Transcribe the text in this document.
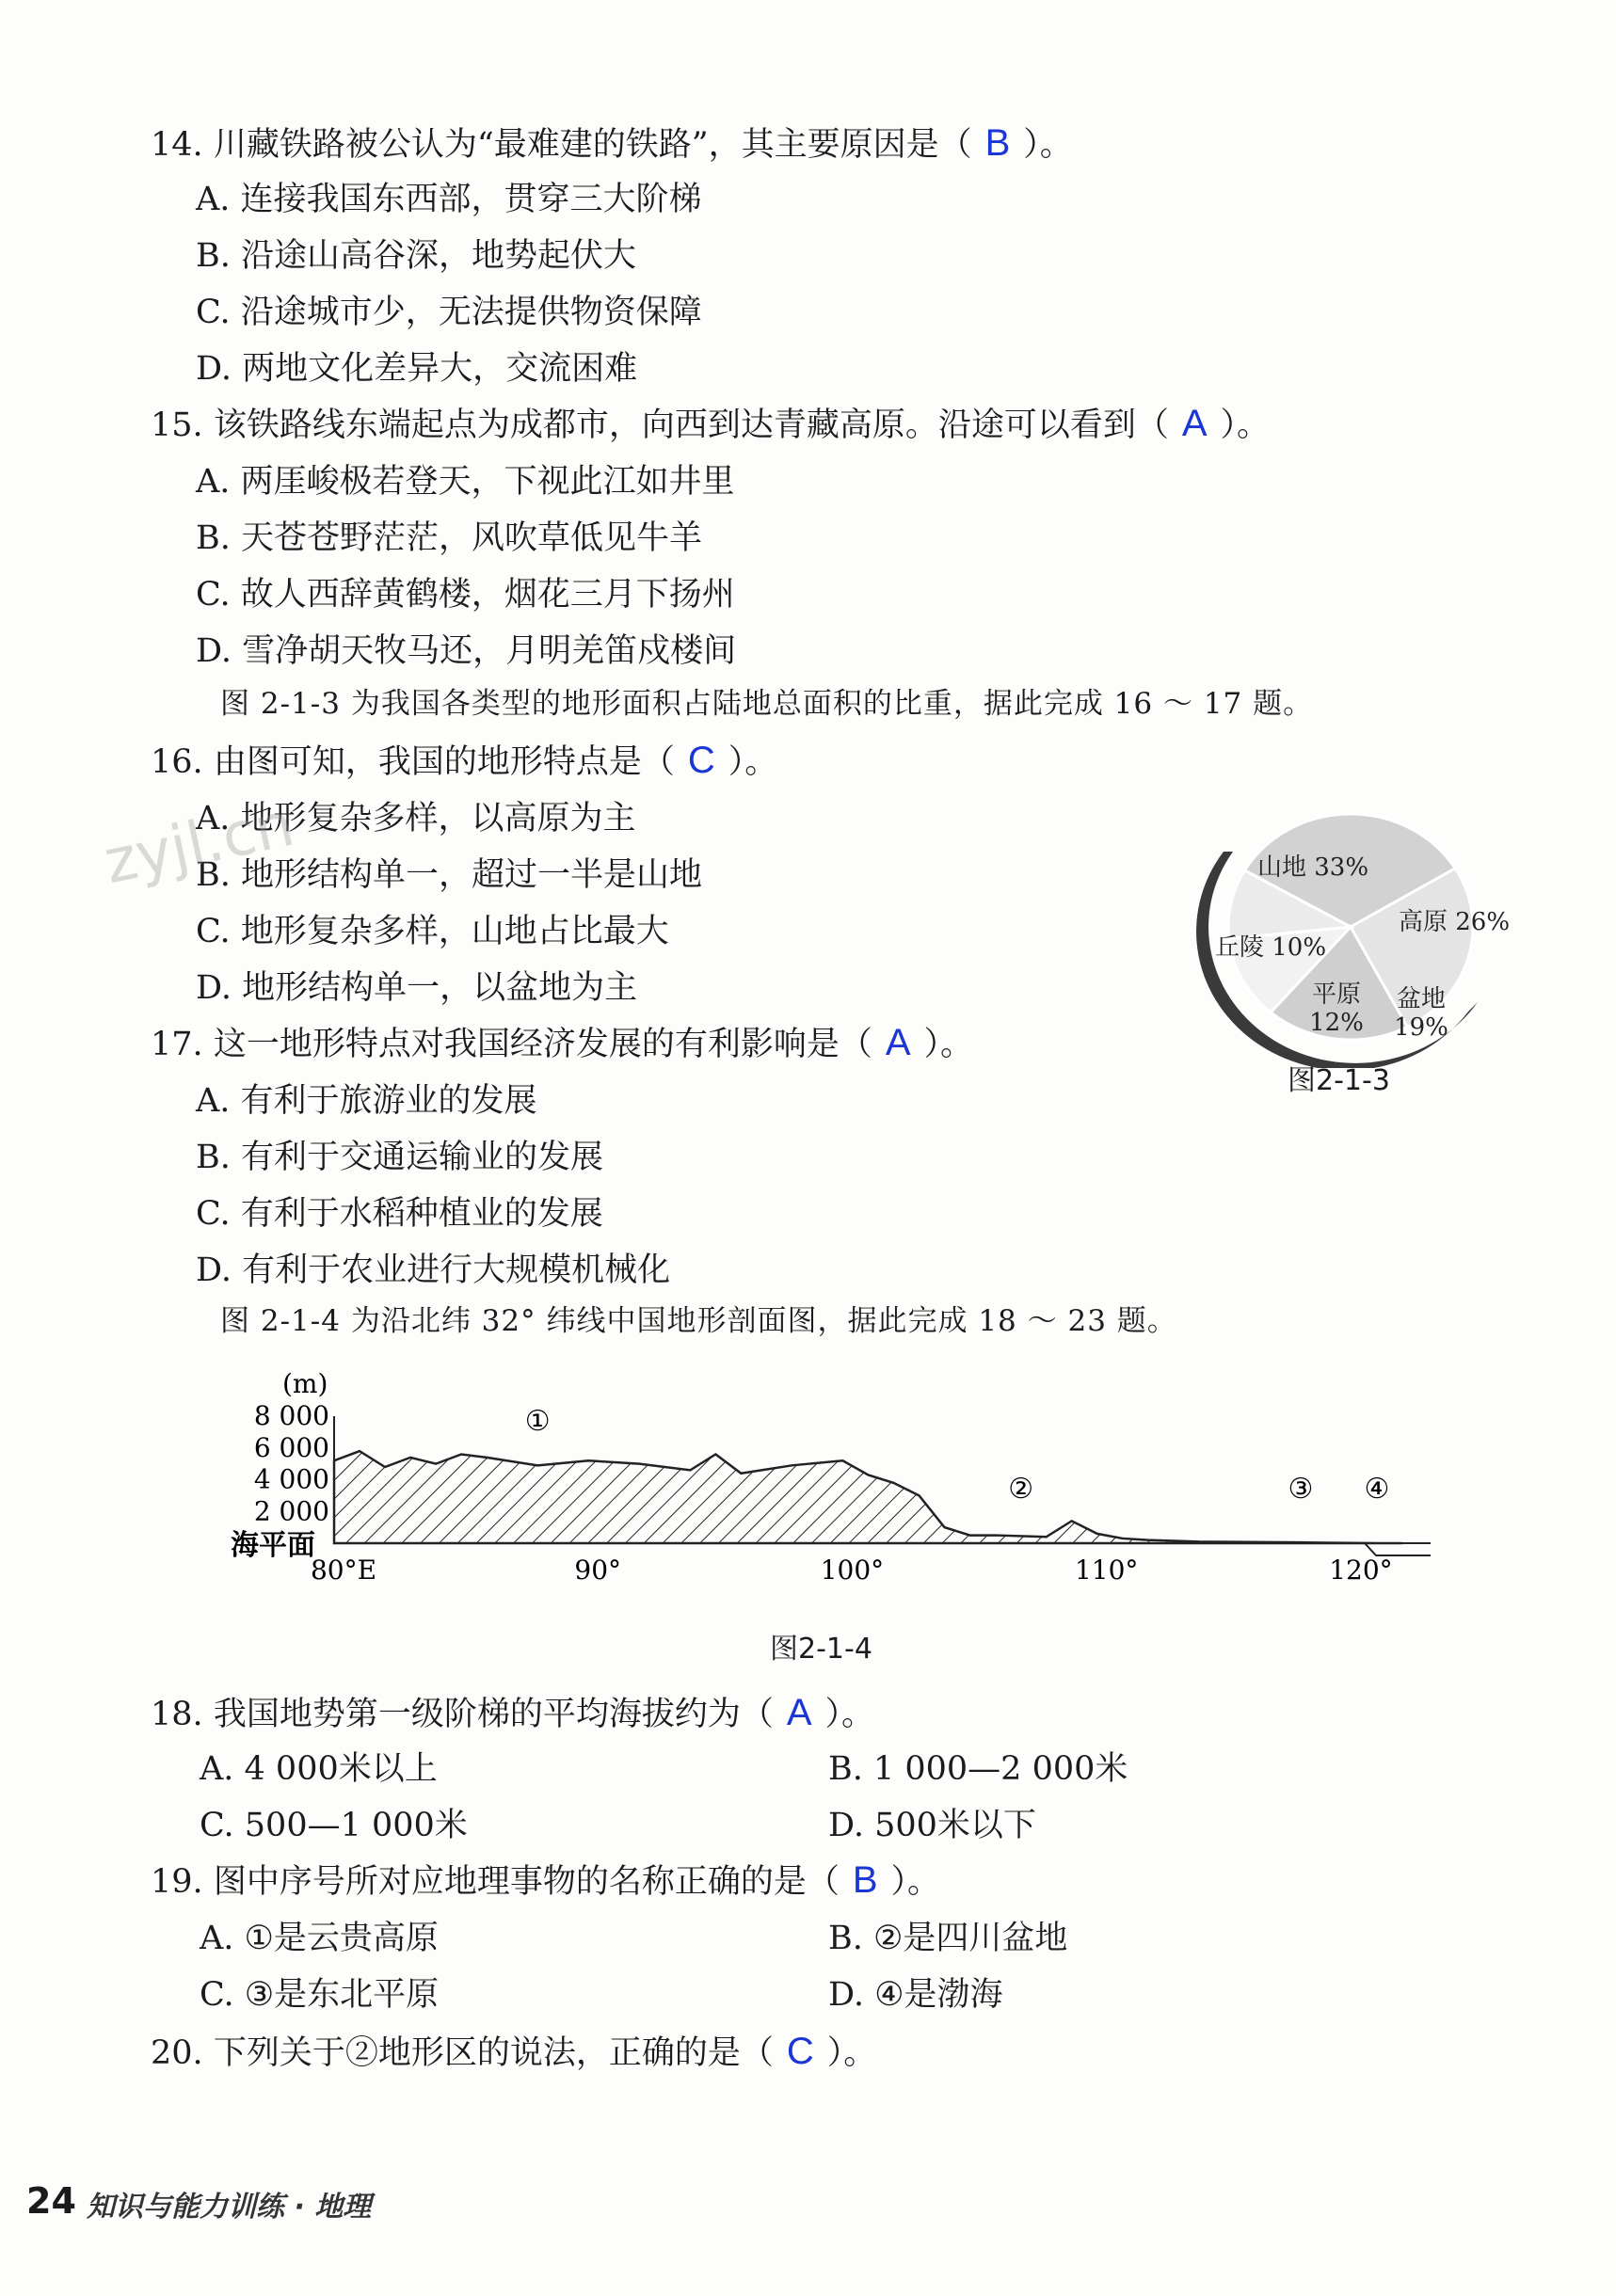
14. 川藏铁路被公认为“最难建的铁路”，其主要原因是（ B ）。
A. 连接我国东西部，贯穿三大阶梯
B. 沿途山高谷深，地势起伏大
C. 沿途城市少，无法提供物资保障
D. 两地文化差异大，交流困难
15. 该铁路线东端起点为成都市，向西到达青藏高原。沿途可以看到（ A ）。
A. 两厓峻极若登天，下视此江如井里
B. 天苍苍野茫茫，风吹草低见牛羊
C. 故人西辞黄鹤楼，烟花三月下扬州
D. 雪净胡天牧马还，月明羌笛戍楼间
图 2-1-3 为我国各类型的地形面积占陆地总面积的比重，据此完成 16 ～ 17 题。
16. 由图可知，我国的地形特点是（ C ）。
A. 地形复杂多样，以高原为主
B. 地形结构单一，超过一半是山地
C. 地形复杂多样，山地占比最大
D. 地形结构单一，以盆地为主
zyjl.cn	山地 33%
高原 26%
盆地
19%
平原
12%
丘陵 10%
图2-1-3
17. 这一地形特点对我国经济发展的有利影响是（ A ）。
A. 有利于旅游业的发展
B. 有利于交通运输业的发展
C. 有利于水稻种植业的发展
D. 有利于农业进行大规模机械化
图 2-1-4 为沿北纬 32° 纬线中国地形剖面图，据此完成 18 ～ 23 题。
(m)
8 000
6 000
4 000
2 000
80°E	90°	100°	110°	120°
①
②	③ ④
海平面
图2-1-4
18. 我国地势第一级阶梯的平均海拔约为（ A ）。
A. 4 000米以上	B. 1 000—2 000米
C. 500—1 000米	D. 500米以下
19. 图中序号所对应地理事物的名称正确的是（ B ）。
A. ①是云贵高原	B. ②是四川盆地
C. ③是东北平原	D. ④是渤海
20. 下列关于②地形区的说法，正确的是（ C ）。
24 知识与能力训练 · 地理
